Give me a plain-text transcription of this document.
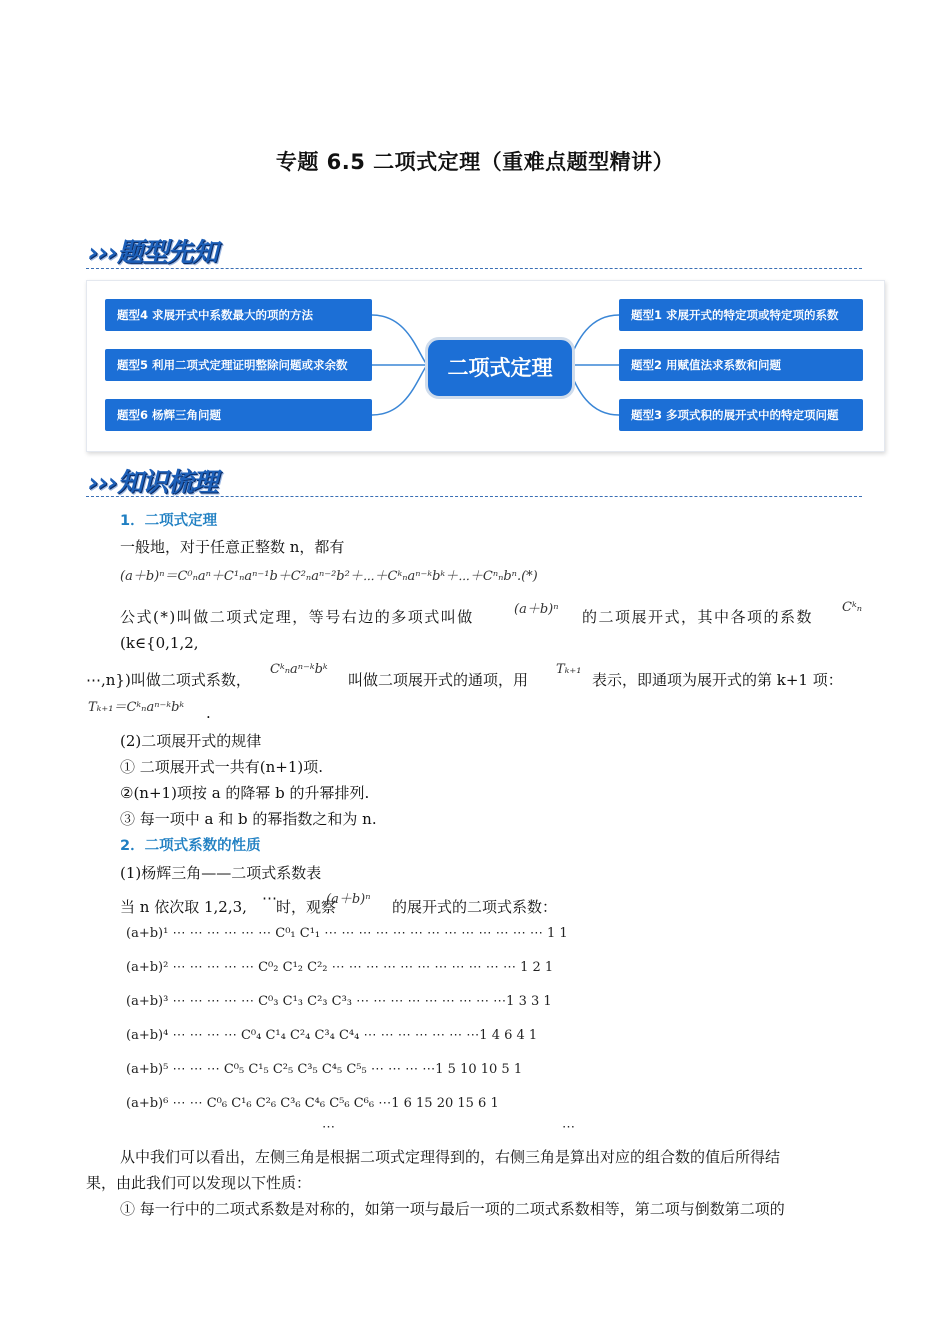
专题 6.5 二项式定理（重难点题型精讲）
›››题型先知
题型4 求展开式中系数最大的项的方法
题型5 利用二项式定理证明整除问题或求余数
题型6 杨辉三角问题
二项式定理
题型1 求展开式的特定项或特定项的系数
题型2 用赋值法求系数和问题
题型3 多项式积的展开式中的特定项问题
›››知识梳理
1．二项式定理
一般地，对于任意正整数 n，都有
(a＋b)ⁿ＝C⁰ₙaⁿ＋C¹ₙaⁿ⁻¹b＋C²ₙaⁿ⁻²b²＋⋯＋Cᵏₙaⁿ⁻ᵏbᵏ＋⋯＋Cⁿₙbⁿ.(*)
公式(*)叫做二项式定理，等号右边的多项式叫做	(a＋b)ⁿ 的二项展开式，其中各项的系数
Cᵏₙ
(k∈{0,1,2,
⋯,n})叫做二项式系数，
Cᵏₙaⁿ⁻ᵏbᵏ
叫做二项展开式的通项，用
Tₖ₊₁
表示，即通项为展开式的第 k+1 项：
Tₖ₊₁＝Cᵏₙaⁿ⁻ᵏbᵏ .
(2)二项展开式的规律
① 二项展开式一共有(n+1)项.
②(n+1)项按 a 的降幂 b 的升幂排列.
③ 每一项中 a 和 b 的幂指数之和为 n.
2．二项式系数的性质
(1)杨辉三角——二项式系数表
当 n 依次取 1,2,3, ⋯ 时，观察
(a＋b)ⁿ 的展开式的二项式系数：
(a+b)¹ ⋯ ⋯ ⋯ ⋯ ⋯ ⋯ C⁰₁ C¹₁ ⋯ ⋯ ⋯ ⋯ ⋯ ⋯ ⋯ ⋯ ⋯ ⋯ ⋯ ⋯ ⋯ 1 1
(a+b)² ⋯ ⋯ ⋯ ⋯ ⋯ C⁰₂ C¹₂ C²₂ ⋯ ⋯ ⋯ ⋯ ⋯ ⋯ ⋯ ⋯ ⋯ ⋯ ⋯ 1 2 1
(a+b)³ ⋯ ⋯ ⋯ ⋯ ⋯ C⁰₃ C¹₃ C²₃ C³₃ ⋯ ⋯ ⋯ ⋯ ⋯ ⋯ ⋯ ⋯ ⋯1 3 3 1
(a+b)⁴ ⋯ ⋯ ⋯ ⋯ C⁰₄ C¹₄ C²₄ C³₄ C⁴₄ ⋯ ⋯ ⋯ ⋯ ⋯ ⋯ ⋯1 4 6 4 1
(a+b)⁵ ⋯ ⋯ ⋯ C⁰₅ C¹₅ C²₅ C³₅ C⁴₅ C⁵₅ ⋯ ⋯ ⋯ ⋯1 5 10 10 5 1
(a+b)⁶ ⋯ ⋯ C⁰₆ C¹₆ C²₆ C³₆ C⁴₆ C⁵₆ C⁶₆ ⋯1 6 15 20 15 6 1
⋯	⋯
从中我们可以看出，左侧三角是根据二项式定理得到的，右侧三角是算出对应的组合数的值后所得结
果，由此我们可以发现以下性质：
① 每一行中的二项式系数是对称的，如第一项与最后一项的二项式系数相等，第二项与倒数第二项的
